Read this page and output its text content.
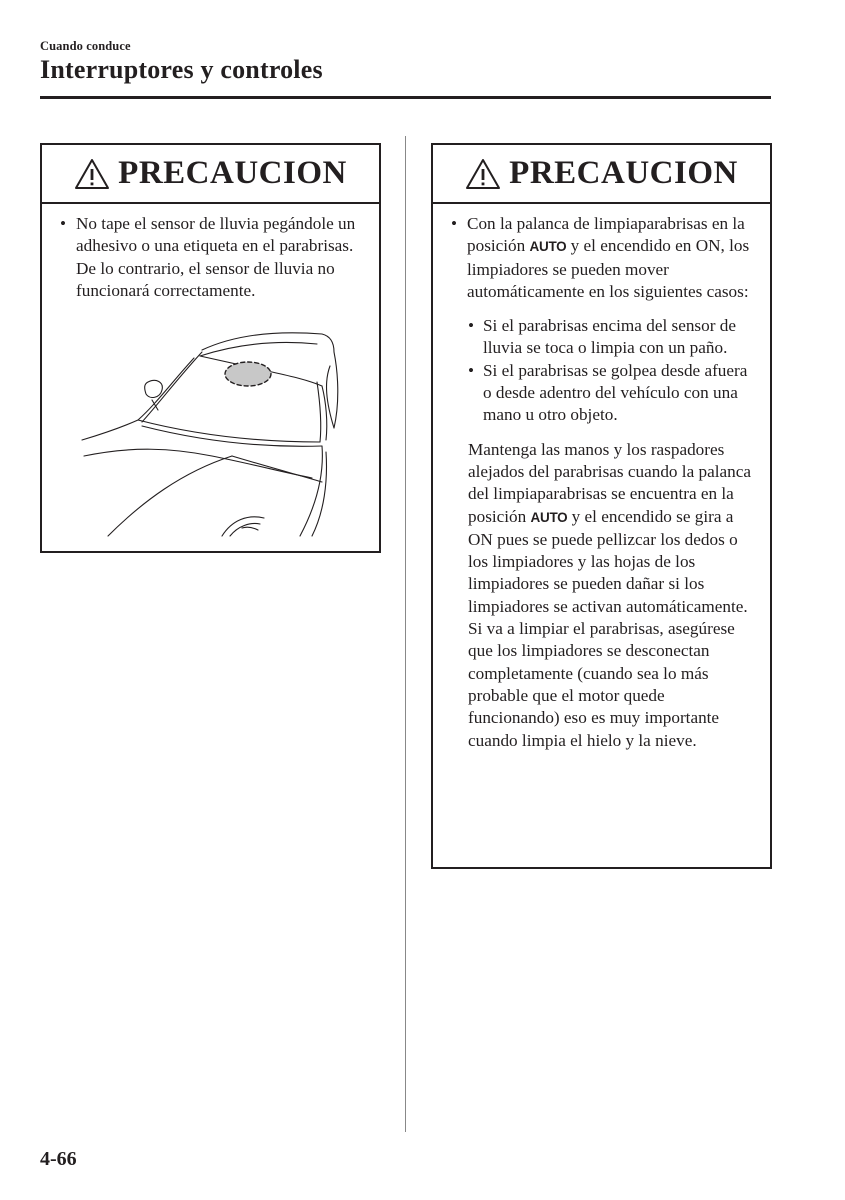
Cuando conduce
Interruptores y controles
PRECAUCION
• No tape el sensor de lluvia pegándole un adhesivo o una etiqueta en el parabrisas. De lo contrario, el sensor de lluvia no funcionará correctamente.
PRECAUCION
• Con la palanca de limpiaparabrisas en la posición AUTO y el encendido en ON, los limpiadores se pueden mover automáticamente en los siguientes casos:
• Si el parabrisas encima del sensor de lluvia se toca o limpia con un paño.
• Si el parabrisas se golpea desde afuera o desde adentro del vehículo con una mano u otro objeto.
Mantenga las manos y los raspadores alejados del parabrisas cuando la palanca del limpiaparabrisas se encuentra en la posición AUTO y el encendido se gira a ON pues se puede pellizcar los dedos o los limpiadores y las hojas de los limpiadores se pueden dañar si los limpiadores se activan automáticamente.
Si va a limpiar el parabrisas, asegúrese que los limpiadores se desconectan completamente (cuando sea lo más probable que el motor quede funcionando) eso es muy importante cuando limpia el hielo y la nieve.
4-66
